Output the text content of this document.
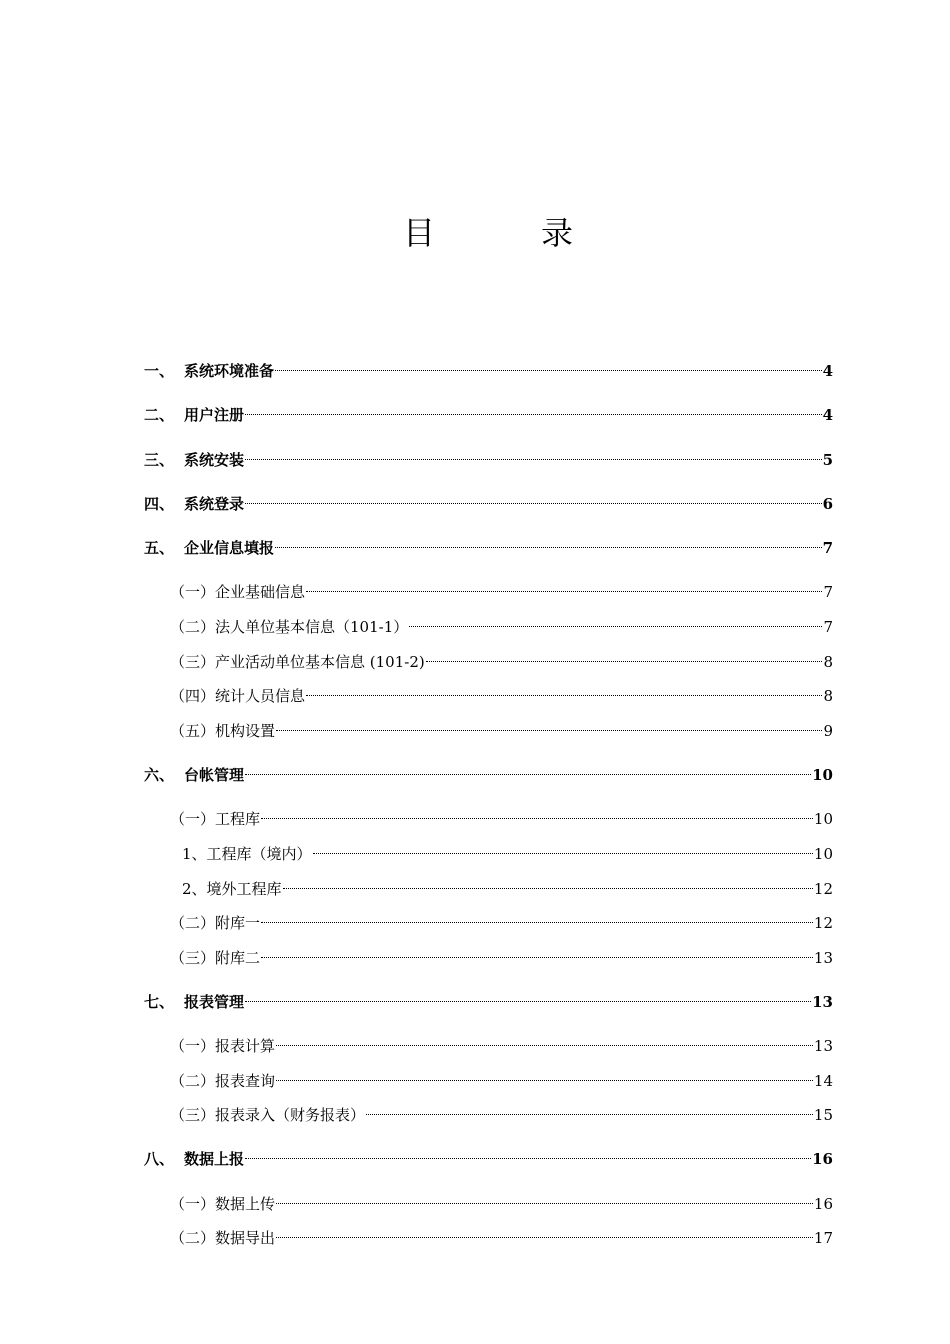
目	录
一、 系统环境准备	4
二、 用户注册	4
三、 系统安装	5
四、 系统登录	6
五、 企业信息填报	7
（一）企业基础信息	7
（二）法人单位基本信息（101-1）	7
（三）产业活动单位基本信息 (101-2)	8
（四）统计人员信息	8
（五）机构设置	9
六、 台帐管理	10
（一）工程库	10
1、工程库（境内）	10
2、境外工程库	12
（二）附库一	12
（三）附库二	13
七、 报表管理	13
（一）报表计算	13
（二）报表查询	14
（三）报表录入（财务报表）	15
八、 数据上报	16
（一）数据上传	16
（二）数据导出	17
